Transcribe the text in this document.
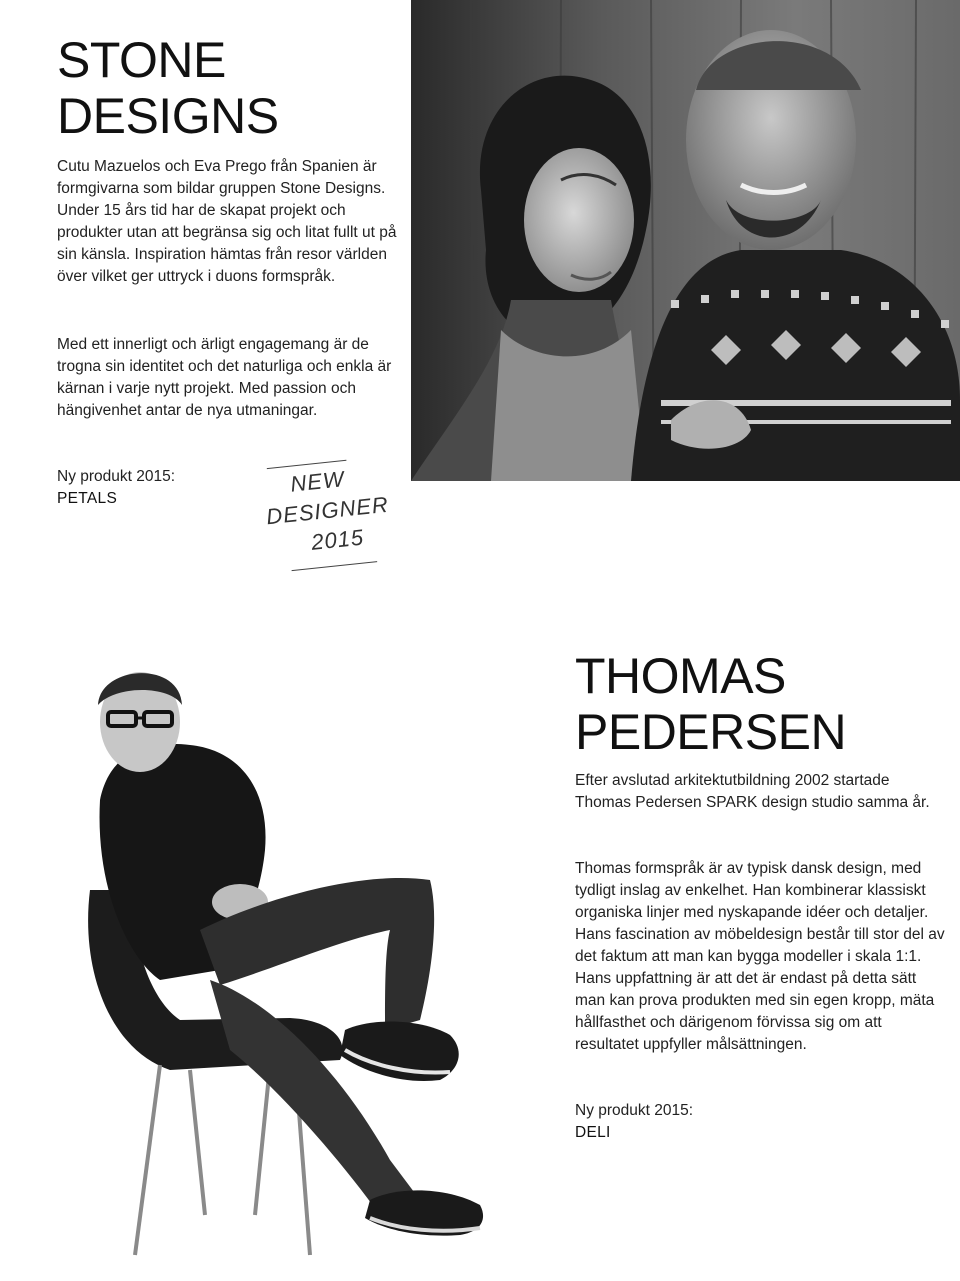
STONE
DESIGNS

Cutu Mazuelos och Eva Prego från Spanien är formgivarna som bildar gruppen Stone Designs. Under 15 års tid har de skapat projekt och produkter utan att begränsa sig och litat fullt ut på sin känsla. Inspiration hämtas från resor världen över vilket ger uttryck i duons formspråk.

Med ett innerligt och ärligt engagemang är de trogna sin identitet och det naturliga och enkla är kärnan i varje nytt projekt. Med passion och hängivenhet antar de nya utmaningar.

Ny produkt 2015:
PETALS
NEW
DESIGNER
2015
THOMAS
PEDERSEN

Efter avslutad arkitektutbildning 2002 startade Thomas Pedersen SPARK design studio samma år.

Thomas formspråk är av typisk dansk design, med tydligt inslag av enkelhet. Han kombinerar klassiskt organiska linjer med nyskapande idéer och detaljer. Hans fascination av möbeldesign består till stor del av det faktum att man kan bygga modeller i skala 1:1. Hans uppfattning är att det är endast på detta sätt man kan prova produkten med sin egen kropp, mäta hållfasthet och därigenom förvissa sig om att resultatet uppfyller målsättningen.

Ny produkt 2015:
DELI
